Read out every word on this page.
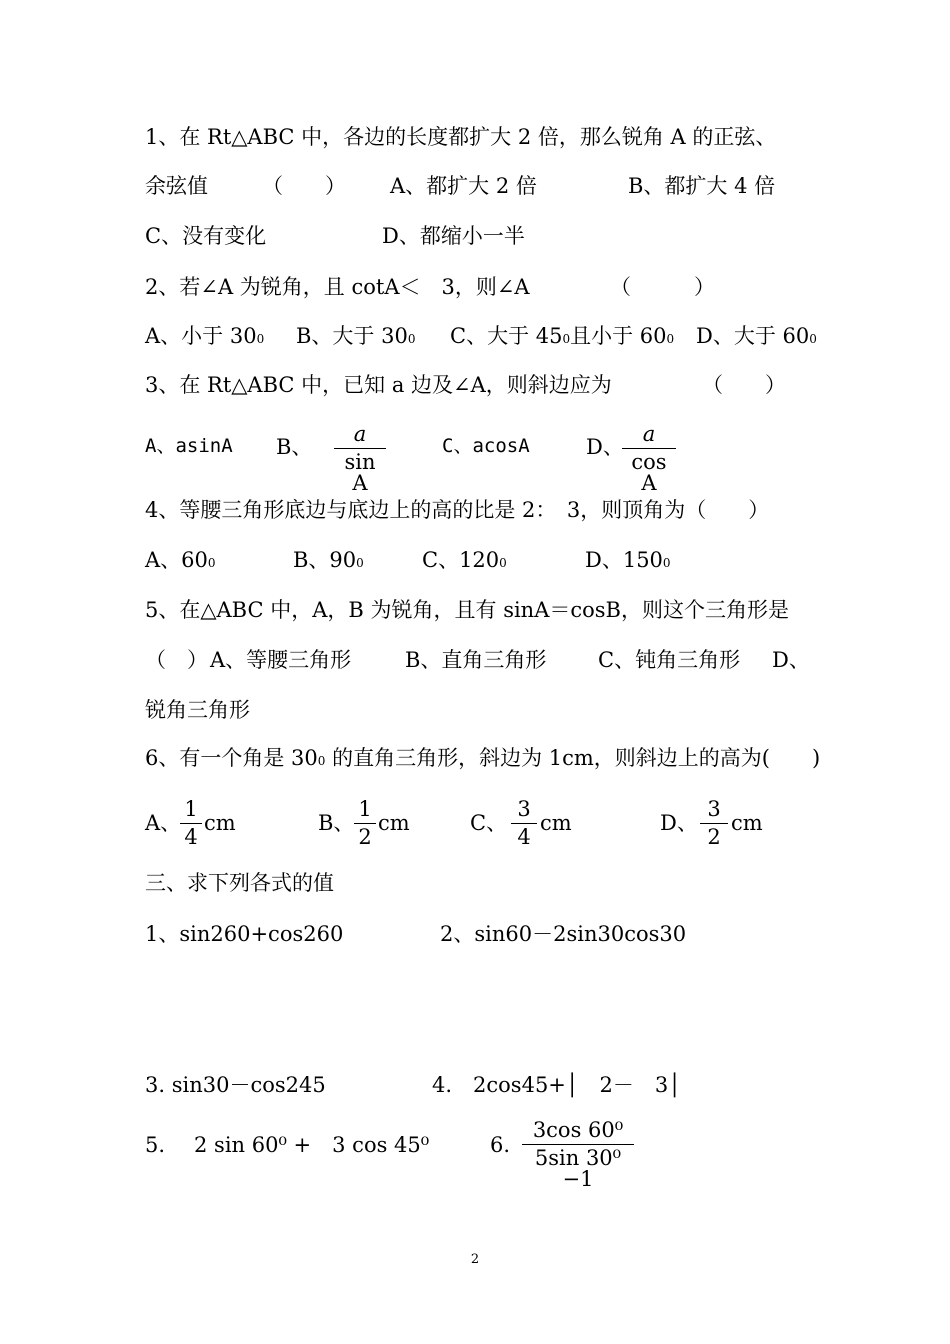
1、在 Rt△ABC 中，各边的长度都扩大 2 倍，那么锐角 A 的正弦、
余弦值	（　　） A、都扩大 2 倍	B、都扩大 4 倍
C、没有变化	D、都缩小一半
2、若∠A 为锐角，且 cotA＜　3，则∠A	（　　　）
A、小于 300 B、大于 300 C、大于 450且小于 600 D、大于 600
3、在 Rt△ABC 中，已知 a 边及∠A，则斜边应为	（　　）
A、asinA B、 $\frac{a}{\text{sin A}}$	C、acosA	D、
$\frac{a}{\text{cos A}}$
4、等腰三角形底边与底边上的高的比是 2：　3，则顶角为（　　）
A、600	B、900	C、1200	D、1500
5、在△ABC 中，A，B 为锐角，且有 sinA＝cosB，则这个三角形是
（　） A、等腰三角形	B、直角三角形 C、钝角三角形 D、
锐角三角形
6、有一个角是 300 的直角三角形，斜边为 1cm，则斜边上的高为(　　)
A、
$\frac{1}{4}$ cm	B、 $\frac{1}{2}$ cm	C、 $\frac{3}{4}$ cm	D、 $\frac{3}{2}$ cm
三、求下列各式的值
1、sin260+cos260	2、sin60－2sin30cos30
3. sin30－cos245	4.　2cos45+│　2－　3│
5. 2 sin 60⁰ +　3 cos 45⁰	6. $\frac{\text{3cos 60⁰}}{\text{5sin 30⁰ −1}}$
2
